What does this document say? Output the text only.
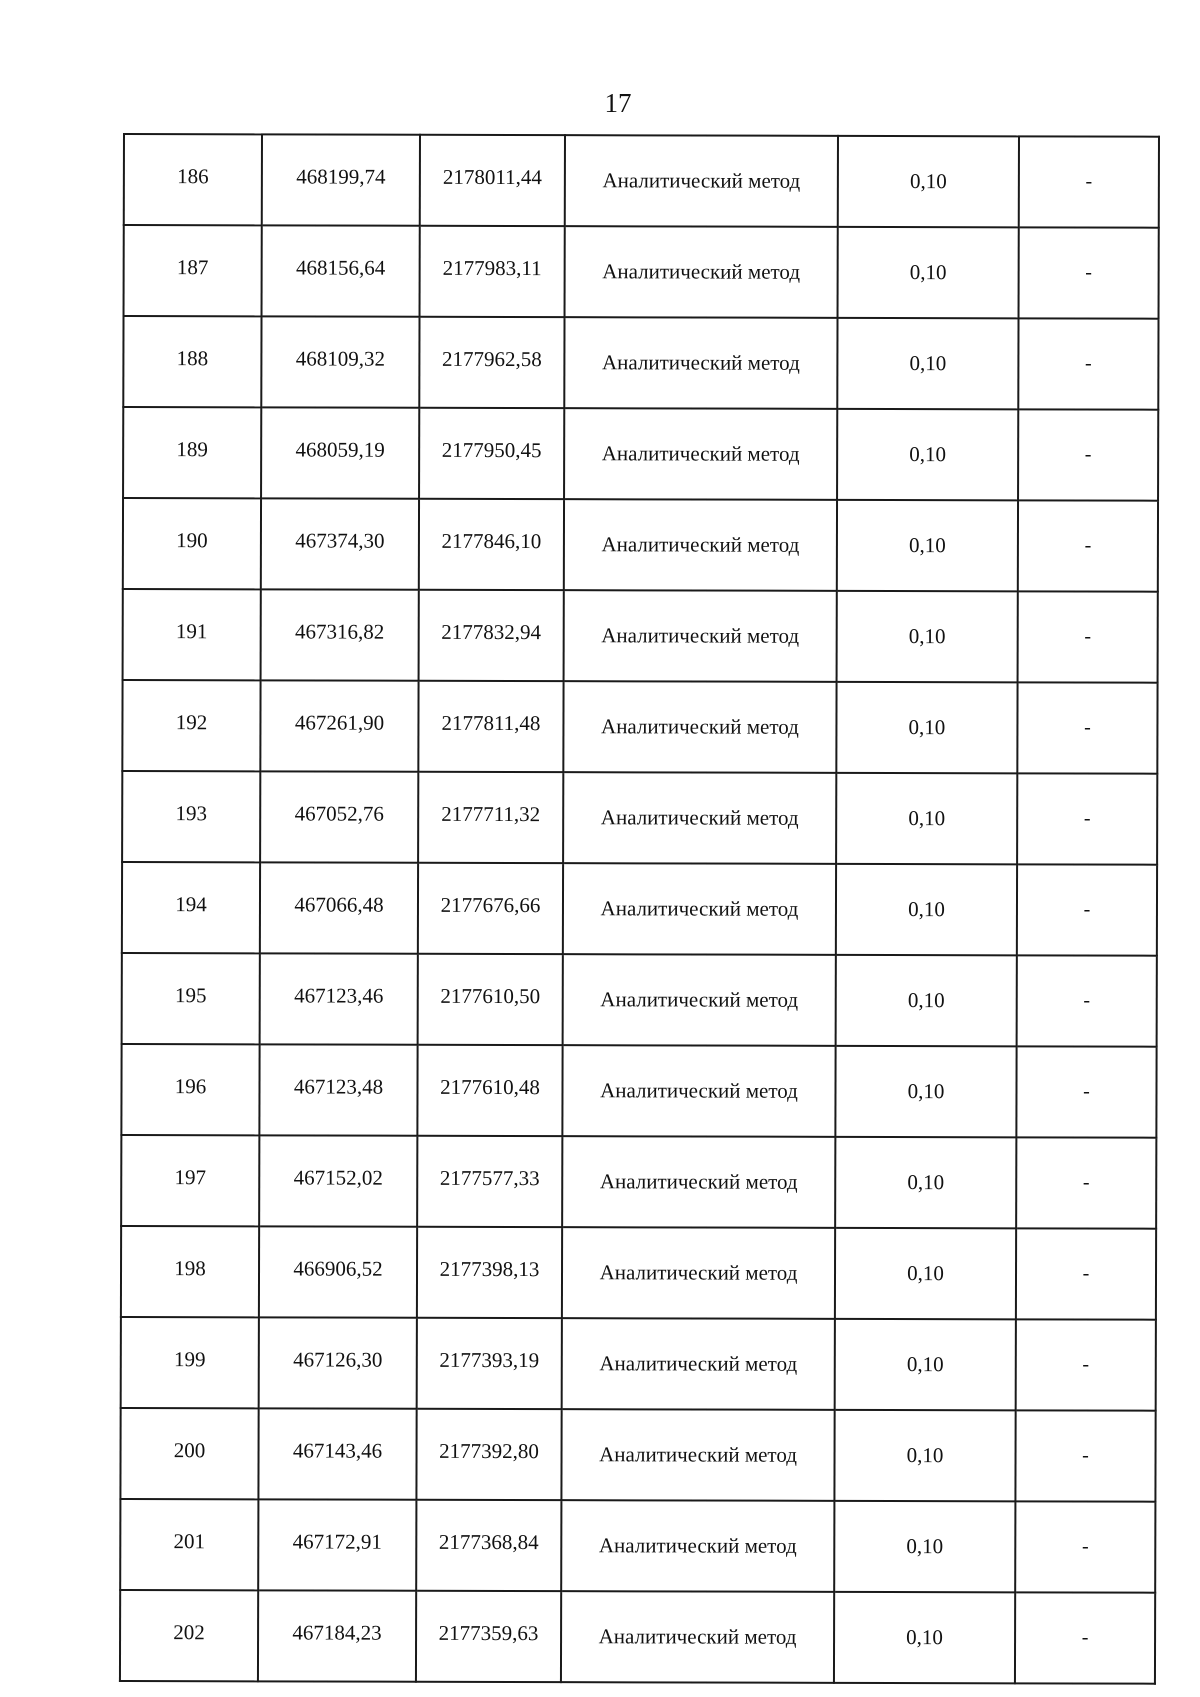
17
186	468199,74	2178011,44	Аналитический метод	0,10	-
187	468156,64	2177983,11	Аналитический метод	0,10	-
188	468109,32	2177962,58	Аналитический метод	0,10	-
189	468059,19	2177950,45	Аналитический метод	0,10	-
190	467374,30	2177846,10	Аналитический метод	0,10	-
191	467316,82	2177832,94	Аналитический метод	0,10	-
192	467261,90	2177811,48	Аналитический метод	0,10	-
193	467052,76	2177711,32	Аналитический метод	0,10	-
194	467066,48	2177676,66	Аналитический метод	0,10	-
195	467123,46	2177610,50	Аналитический метод	0,10	-
196	467123,48	2177610,48	Аналитический метод	0,10	-
197	467152,02	2177577,33	Аналитический метод	0,10	-
198	466906,52	2177398,13	Аналитический метод	0,10	-
199	467126,30	2177393,19	Аналитический метод	0,10	-
200	467143,46	2177392,80	Аналитический метод	0,10	-
201	467172,91	2177368,84	Аналитический метод	0,10	-
202	467184,23	2177359,63	Аналитический метод	0,10	-
